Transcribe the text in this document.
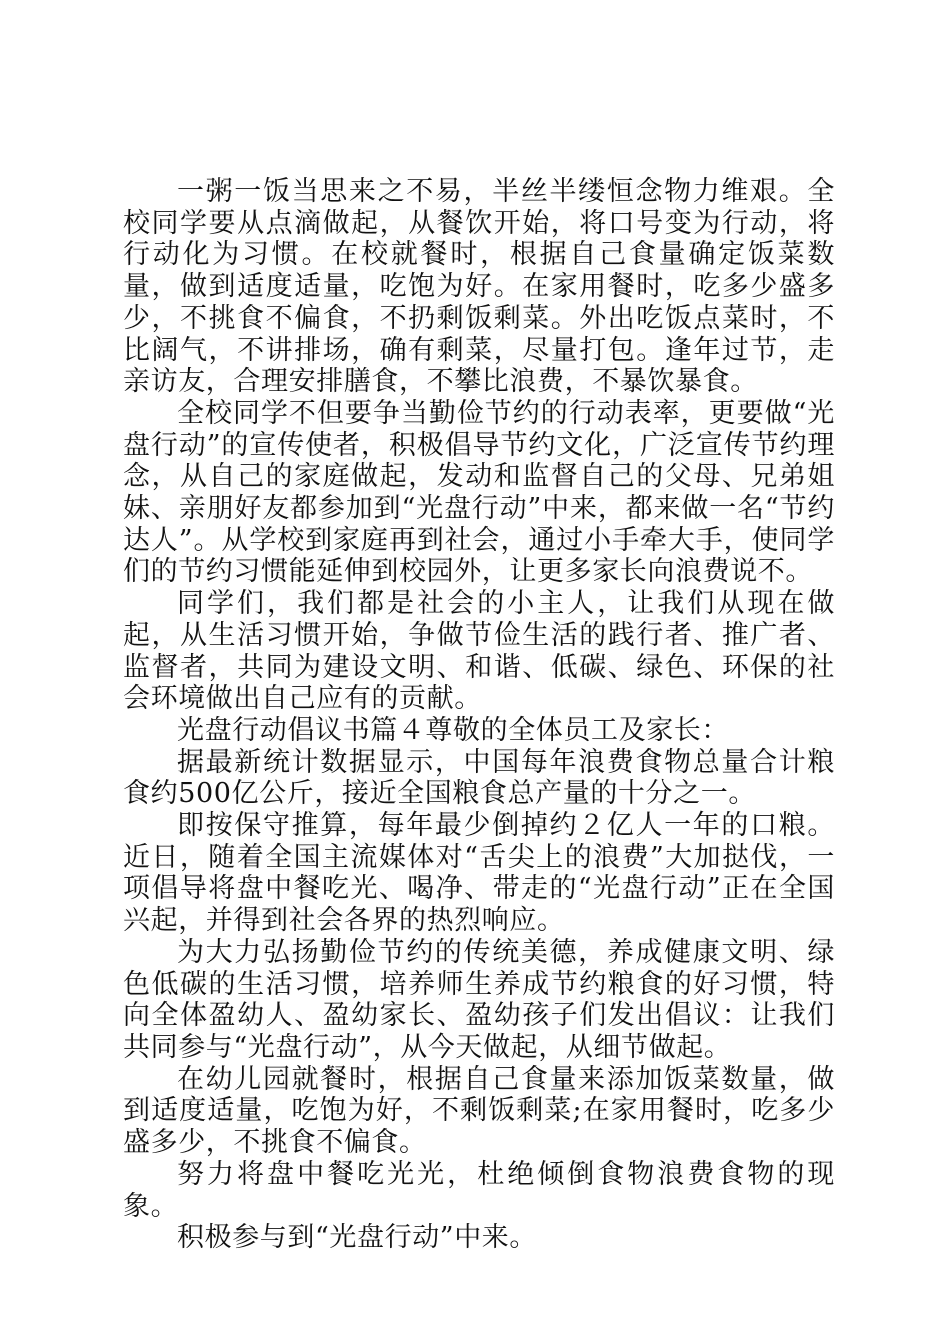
一粥一饭当思来之不易，半丝半缕恒念物力维艰。全校同学要从点滴做起，从餐饮开始，将口号变为行动，将行动化为习惯。在校就餐时，根据自己食量确定饭菜数量，做到适度适量，吃饱为好。在家用餐时，吃多少盛多少，不挑食不偏食，不扔剩饭剩菜。外出吃饭点菜时，不比阔气，不讲排场，确有剩菜，尽量打包。逢年过节，走亲访友，合理安排膳食，不攀比浪费，不暴饮暴食。

全校同学不但要争当勤俭节约的行动表率，更要做“光盘行动”的宣传使者，积极倡导节约文化，广泛宣传节约理念，从自己的家庭做起，发动和监督自己的父母、兄弟姐妹、亲朋好友都参加到“光盘行动”中来，都来做一名“节约达人”。从学校到家庭再到社会，通过小手牵大手，使同学们的节约习惯能延伸到校园外，让更多家长向浪费说不。

同学们，我们都是社会的小主人，让我们从现在做起，从生活习惯开始，争做节俭生活的践行者、推广者、监督者，共同为建设文明、和谐、低碳、绿色、环保的社会环境做出自己应有的贡献。

光盘行动倡议书篇４尊敬的全体员工及家长：

据最新统计数据显示，中国每年浪费食物总量合计粮食约500亿公斤，接近全国粮食总产量的十分之一。

即按保守推算，每年最少倒掉约２亿人一年的口粮。近日，随着全国主流媒体对“舌尖上的浪费”大加挞伐，一项倡导将盘中餐吃光、喝净、带走的“光盘行动”正在全国兴起，并得到社会各界的热烈响应。

为大力弘扬勤俭节约的传统美德，养成健康文明、绿色低碳的生活习惯，培养师生养成节约粮食的好习惯，特向全体盈幼人、盈幼家长、盈幼孩子们发出倡议：让我们共同参与“光盘行动”，从今天做起，从细节做起。

在幼儿园就餐时，根据自己食量来添加饭菜数量，做到适度适量，吃饱为好，不剩饭剩菜;在家用餐时，吃多少盛多少，不挑食不偏食。

努力将盘中餐吃光光，杜绝倾倒食物浪费食物的现象。

积极参与到“光盘行动”中来。
